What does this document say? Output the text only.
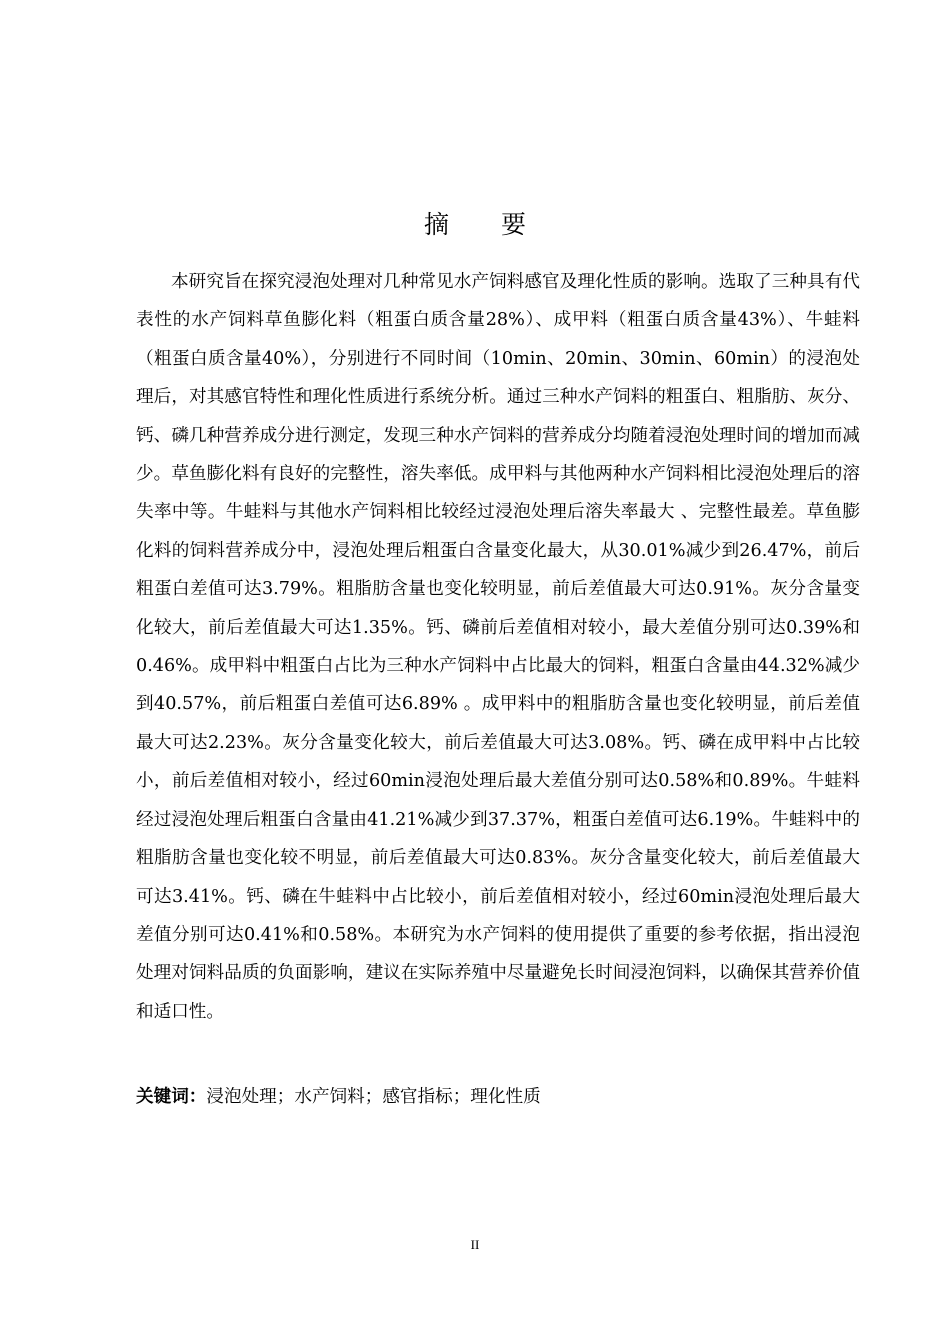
摘 要

本研究旨在探究浸泡处理对几种常见水产饲料感官及理化性质的影响。选取了三种具有代表性的水产饲料草鱼膨化料（粗蛋白质含量28%）、成甲料（粗蛋白质含量43%）、牛蛙料（粗蛋白质含量40%），分别进行不同时间（10min、20min、30min、60min）的浸泡处理后，对其感官特性和理化性质进行系统分析。通过三种水产饲料的粗蛋白、粗脂肪、灰分、钙、磷几种营养成分进行测定，发现三种水产饲料的营养成分均随着浸泡处理时间的增加而减少。草鱼膨化料有良好的完整性，溶失率低。成甲料与其他两种水产饲料相比浸泡处理后的溶失率中等。牛蛙料与其他水产饲料相比较经过浸泡处理后溶失率最大 、完整性最差。草鱼膨化料的饲料营养成分中，浸泡处理后粗蛋白含量变化最大，从30.01%减少到26.47%，前后粗蛋白差值可达3.79%。粗脂肪含量也变化较明显，前后差值最大可达0.91%。灰分含量变化较大，前后差值最大可达1.35%。钙、磷前后差值相对较小，最大差值分别可达0.39%和0.46%。成甲料中粗蛋白占比为三种水产饲料中占比最大的饲料，粗蛋白含量由44.32%减少到40.57%，前后粗蛋白差值可达6.89% 。成甲料中的粗脂肪含量也变化较明显，前后差值最大可达2.23%。灰分含量变化较大，前后差值最大可达3.08%。钙、磷在成甲料中占比较小，前后差值相对较小，经过60min浸泡处理后最大差值分别可达0.58%和0.89%。牛蛙料经过浸泡处理后粗蛋白含量由41.21%减少到37.37%，粗蛋白差值可达6.19%。牛蛙料中的粗脂肪含量也变化较不明显，前后差值最大可达0.83%。灰分含量变化较大，前后差值最大可达3.41%。钙、磷在牛蛙料中占比较小，前后差值相对较小，经过60min浸泡处理后最大差值分别可达0.41%和0.58%。本研究为水产饲料的使用提供了重要的参考依据，指出浸泡处理对饲料品质的负面影响，建议在实际养殖中尽量避免长时间浸泡饲料，以确保其营养价值和适口性。

关键词：浸泡处理；水产饲料；感官指标；理化性质
II
